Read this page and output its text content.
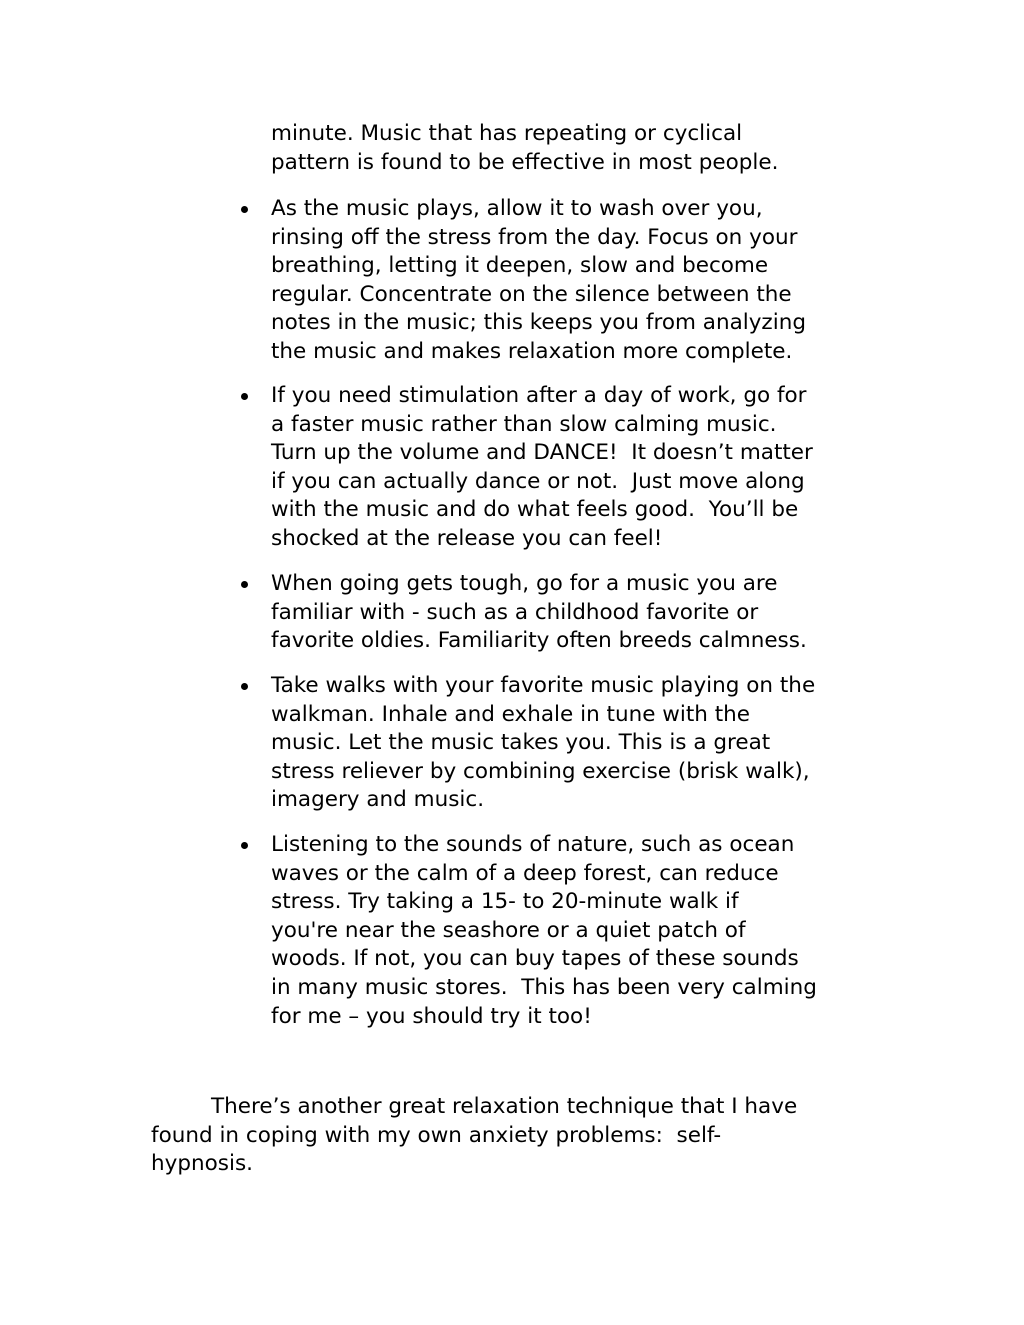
minute. Music that has repeating or cyclical

pattern is found to be effective in most people.

As the music plays, allow it to wash over you,

rinsing off the stress from the day. Focus on your

breathing, letting it deepen, slow and become

regular. Concentrate on the silence between the

notes in the music; this keeps you from analyzing

the music and makes relaxation more complete.

If you need stimulation after a day of work, go for

a faster music rather than slow calming music.

Turn up the volume and DANCE!  It doesn’t matter

if you can actually dance or not.  Just move along

with the music and do what feels good.  You’ll be

shocked at the release you can feel!

When going gets tough, go for a music you are

familiar with - such as a childhood favorite or

favorite oldies. Familiarity often breeds calmness.

Take walks with your favorite music playing on the

walkman. Inhale and exhale in tune with the

music. Let the music takes you. This is a great

stress reliever by combining exercise (brisk walk),

imagery and music.

Listening to the sounds of nature, such as ocean

waves or the calm of a deep forest, can reduce

stress. Try taking a 15- to 20-minute walk if

you're near the seashore or a quiet patch of

woods. If not, you can buy tapes of these sounds

in many music stores.  This has been very calming

for me – you should try it too!

There’s another great relaxation technique that I have

found in coping with my own anxiety problems:  self-

hypnosis.
